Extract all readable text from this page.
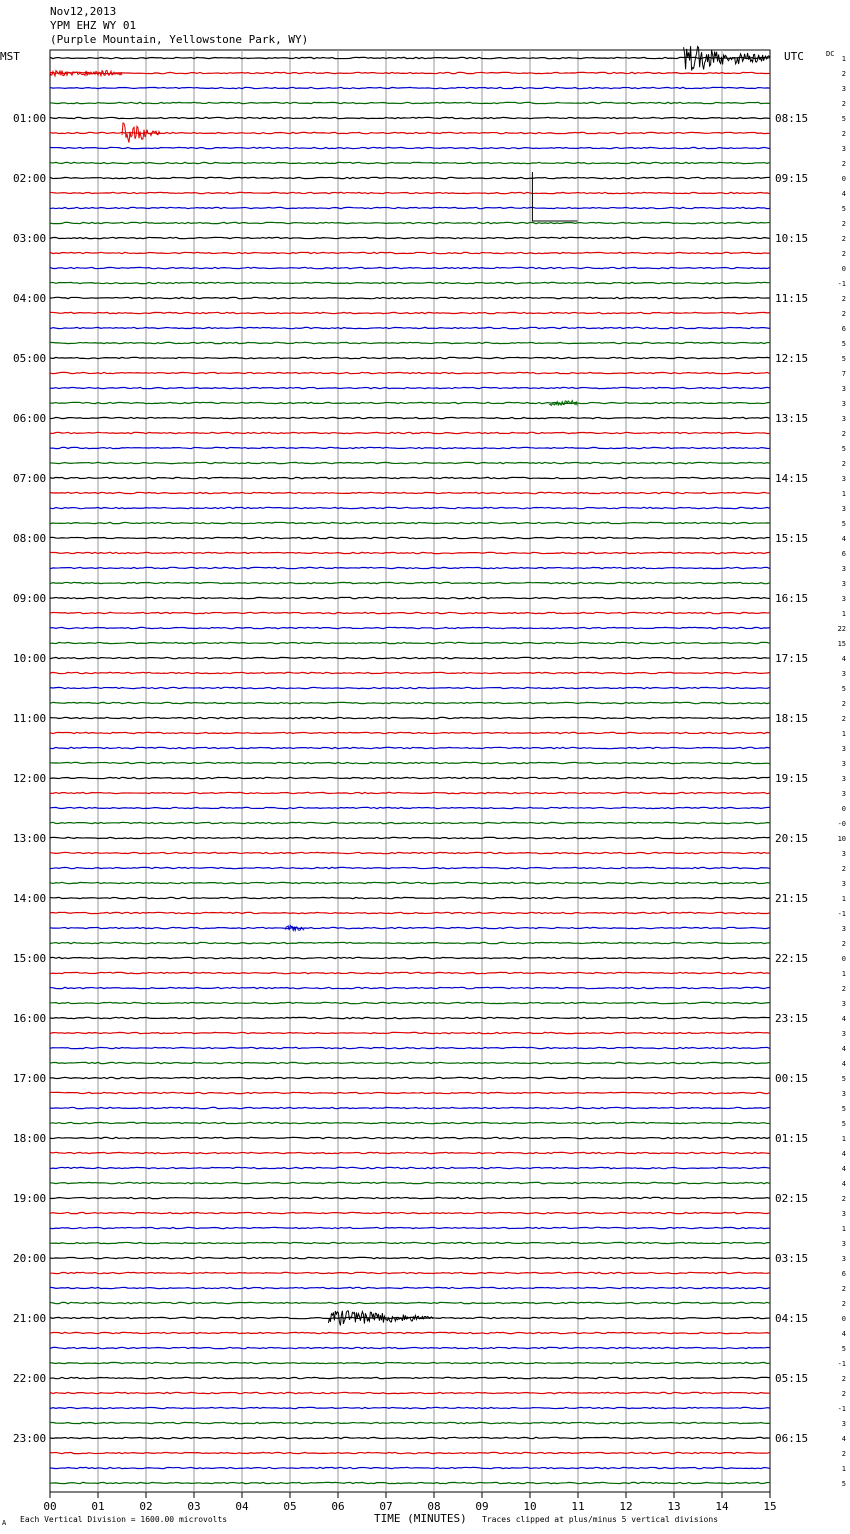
Nov12,2013
YPM EHZ WY 01
(Purple Mountain, Yellowstone Park, WY)
00	01	02	03	04	05	06	07	08	09	10	11	12	13	14	15
MST	UTC	DC
01:00
02:00
03:00
04:00
05:00
06:00
07:00
08:00
09:00
10:00
11:00
12:00
13:00
14:00
15:00
16:00
17:00
18:00
19:00
20:00
21:00
22:00
23:00
08:15
09:15
10:15
11:15
12:15
13:15
14:15
15:15
16:15
17:15
18:15
19:15
20:15
21:15
22:15
23:15
00:15
01:15
02:15
03:15
04:15
05:15
06:15
1
2
3
2
5
2
3
2
0
4
5
2
2
2
0
-1
2
2
6
5
5
7
3
3
3
2
5
2
3
1
3
5
4
6
3
3
3
1
22
15
4
3
5
2
2
1
3
3
3
3
0
-0
10
3
2
3
1
-1
3
2
0
1
2
3
4
3
4
4
5
3
5
5
1
4
4
4
2
3
1
3
3
6
2
2
0
4
5
-1
2
2
-1
3
4
2
1
5
A Each Vertical Division = 1600.00 microvolts	TIME (MINUTES) Traces clipped at plus/minus 5 vertical divisions
